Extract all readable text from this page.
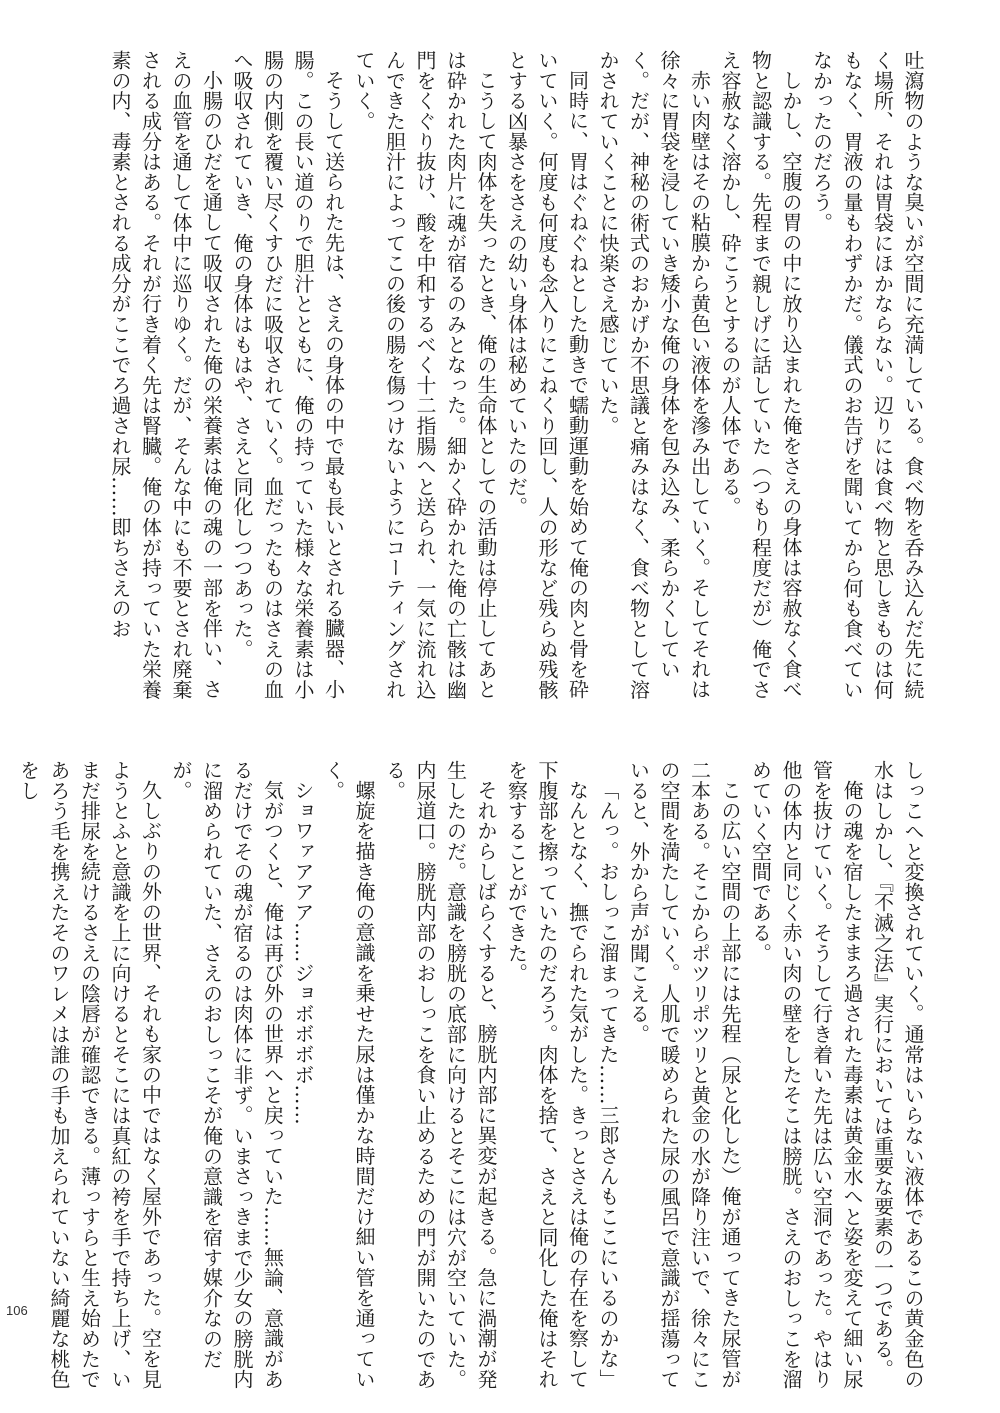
吐瀉物のような臭いが空間に充満している。食べ物を呑み込んだ先に続く場所、それは胃袋にほかならない。辺りには食べ物と思しきものは何もなく、胃液の量もわずかだ。儀式のお告げを聞いてから何も食べていなかったのだろう。

しかし、空腹の胃の中に放り込まれた俺をさえの身体は容赦なく食べ物と認識する。先程まで親しげに話していた（つもり程度だが）俺でさえ容赦なく溶かし、砕こうとするのが人体である。

赤い肉壁はその粘膜から黄色い液体を滲み出していく。そしてそれは徐々に胃袋を浸していき矮小な俺の身体を包み込み、柔らかくしていく。だが、神秘の術式のおかげか不思議と痛みはなく、食べ物として溶かされていくことに快楽さえ感じていた。

同時に、胃はぐねぐねとした動きで蠕動運動を始めて俺の肉と骨を砕いていく。何度も何度も念入りにこねくり回し、人の形など残らぬ残骸とする凶暴さをさえの幼い身体は秘めていたのだ。

こうして肉体を失ったとき、俺の生命体としての活動は停止してあとは砕かれた肉片に魂が宿るのみとなった。細かく砕かれた俺の亡骸は幽門をくぐり抜け、酸を中和するべく十二指腸へと送られ、一気に流れ込んできた胆汁によってこの後の腸を傷つけないようにコーティングされていく。

そうして送られた先は、さえの身体の中で最も長いとされる臓器、小腸。この長い道のりで胆汁とともに、俺の持っていた様々な栄養素は小腸の内側を覆い尽くすひだに吸収されていく。血だったものはさえの血へ吸収されていき、俺の身体はもはや、さえと同化しつつあった。

小腸のひだを通して吸収された俺の栄養素は俺の魂の一部を伴い、さえの血管を通して体中に巡りゆく。だが、そんな中にも不要とされ廃棄される成分はある。それが行き着く先は腎臓。俺の体が持っていた栄養素の内、毒素とされる成分がここでろ過され尿……即ちさえのお

しっこへと変換されていく。通常はいらない液体であるこの黄金色の水はしかし、『不滅之法』実行においては重要な要素の一つである。

俺の魂を宿したままろ過された毒素は黄金水へと姿を変えて細い尿管を抜けていく。そうして行き着いた先は広い空洞であった。やはり他の体内と同じく赤い肉の壁をしたそこは膀胱。さえのおしっこを溜めていく空間である。

この広い空間の上部には先程（尿と化した）俺が通ってきた尿管が二本ある。そこからポツリポツリと黄金の水が降り注いで、徐々にこの空間を満たしていく。人肌で暖められた尿の風呂で意識が揺蕩っていると、外から声が聞こえる。

「んっ。おしっこ溜まってきた……三郎さんもここにいるのかな」

なんとなく、撫でられた気がした。きっとさえは俺の存在を察して下腹部を擦っていたのだろう。肉体を捨て、さえと同化した俺はそれを察することができた。

それからしばらくすると、膀胱内部に異変が起きる。急に渦潮が発生したのだ。意識を膀胱の底部に向けるとそこには穴が空いていた。内尿道口。膀胱内部のおしっこを食い止めるための門が開いたのである。

螺旋を描き俺の意識を乗せた尿は僅かな時間だけ細い管を通っていく。

ショワァアアア……ジョボボボボ……

気がつくと、俺は再び外の世界へと戻っていた……無論、意識があるだけでその魂が宿るのは肉体に非ず。いまさっきまで少女の膀胱内に溜められていた、さえのおしっこそが俺の意識を宿す媒介なのだが。

久しぶりの外の世界、それも家の中ではなく屋外であった。空を見ようとふと意識を上に向けるとそこには真紅の袴を手で持ち上げ、いまだ排尿を続けるさえの陰唇が確認できる。薄っすらと生え始めたであろう毛を携えたそのワレメは誰の手も加えられていない綺麗な桃色をし

106
